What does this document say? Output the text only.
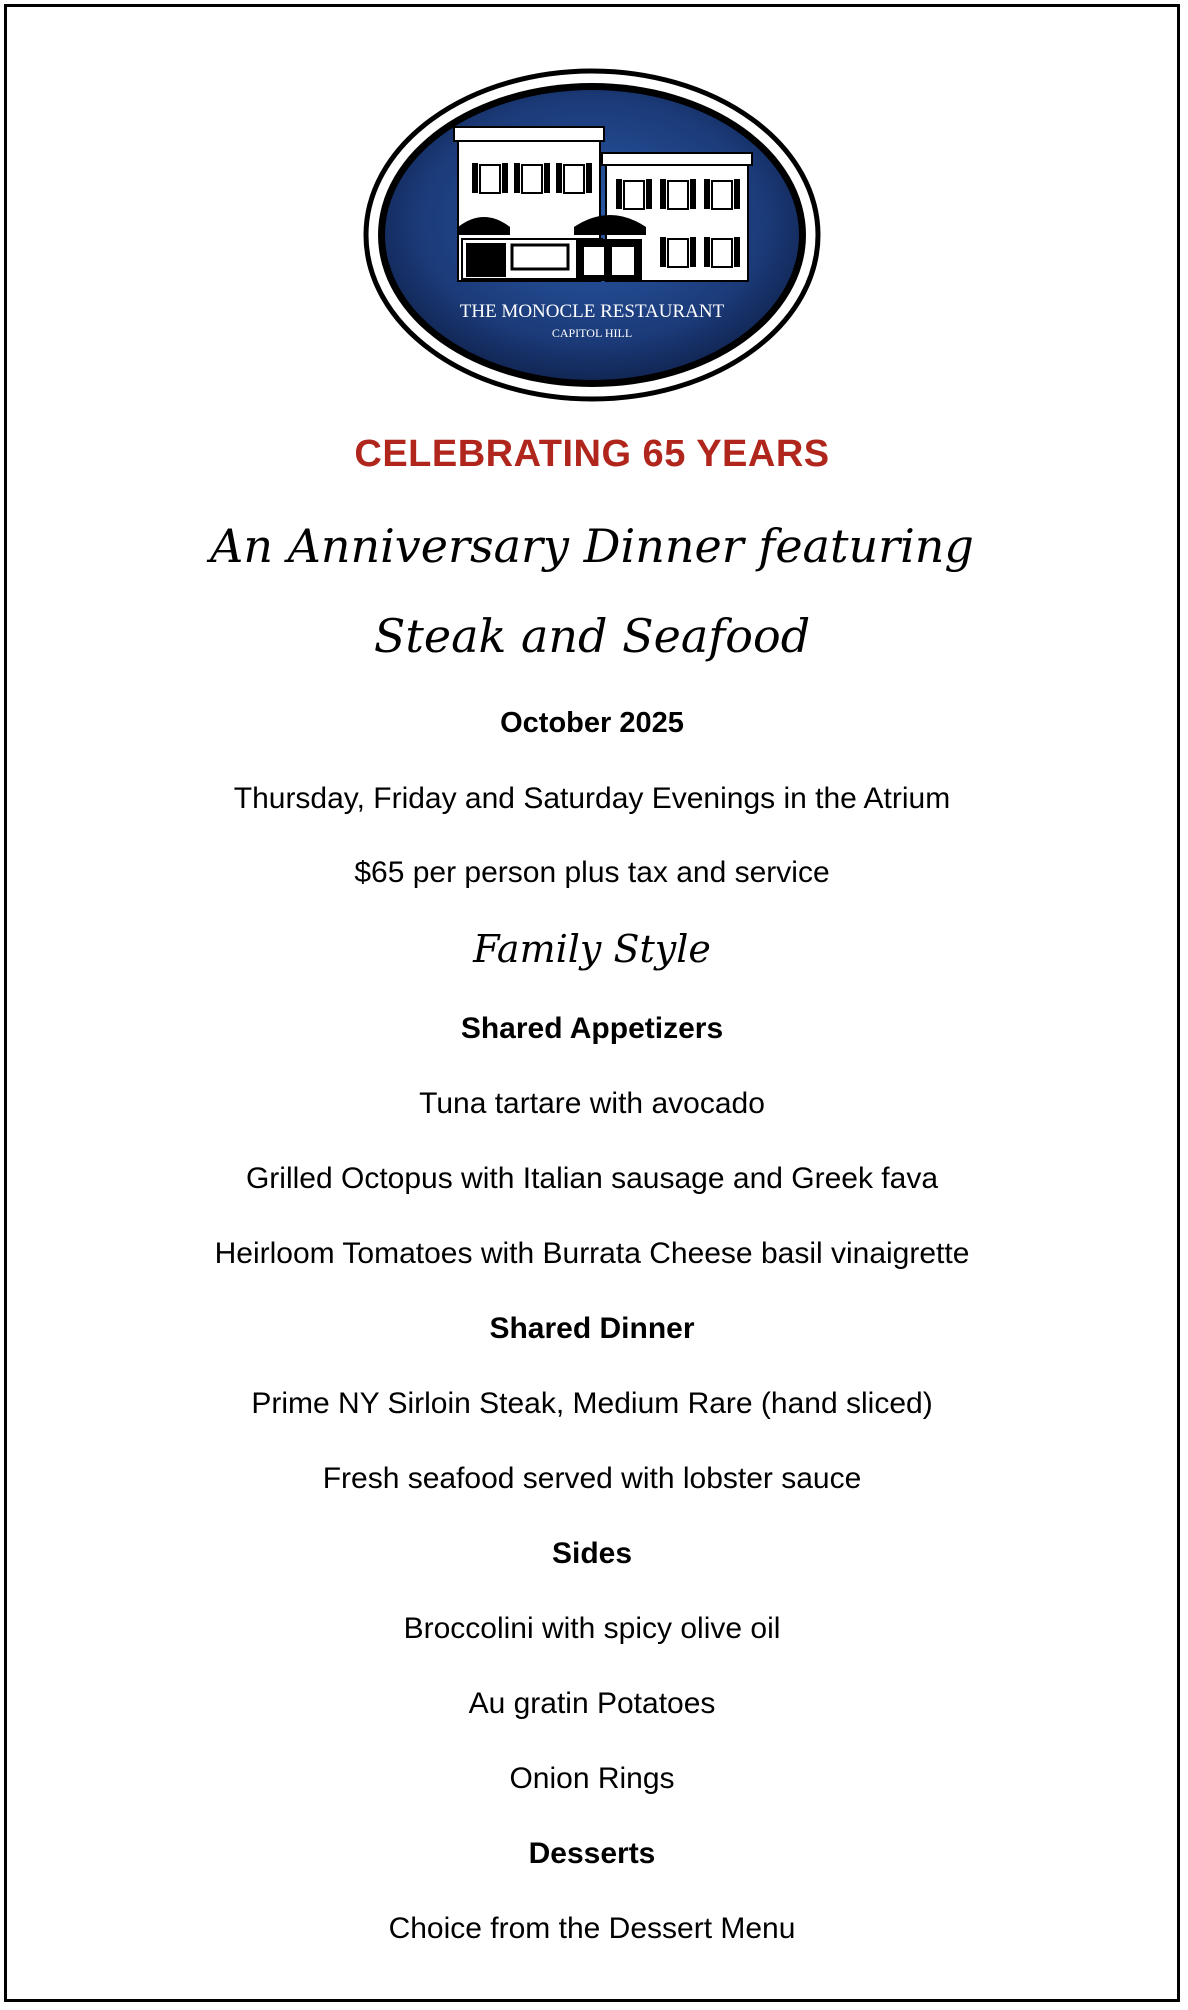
THE MONOCLE RESTAURANT
CAPITOL HILL
CELEBRATING 65 YEARS
An Anniversary Dinner featuring
Steak and Seafood
October 2025
Thursday, Friday and Saturday Evenings in the Atrium
$65 per person plus tax and service
Family Style
Shared Appetizers
Tuna tartare with avocado
Grilled Octopus with Italian sausage and Greek fava
Heirloom Tomatoes with Burrata Cheese basil vinaigrette
Shared Dinner
Prime NY Sirloin Steak, Medium Rare (hand sliced)
Fresh seafood served with lobster sauce
Sides
Broccolini with spicy olive oil
Au gratin Potatoes
Onion Rings
Desserts
Choice from the Dessert Menu
